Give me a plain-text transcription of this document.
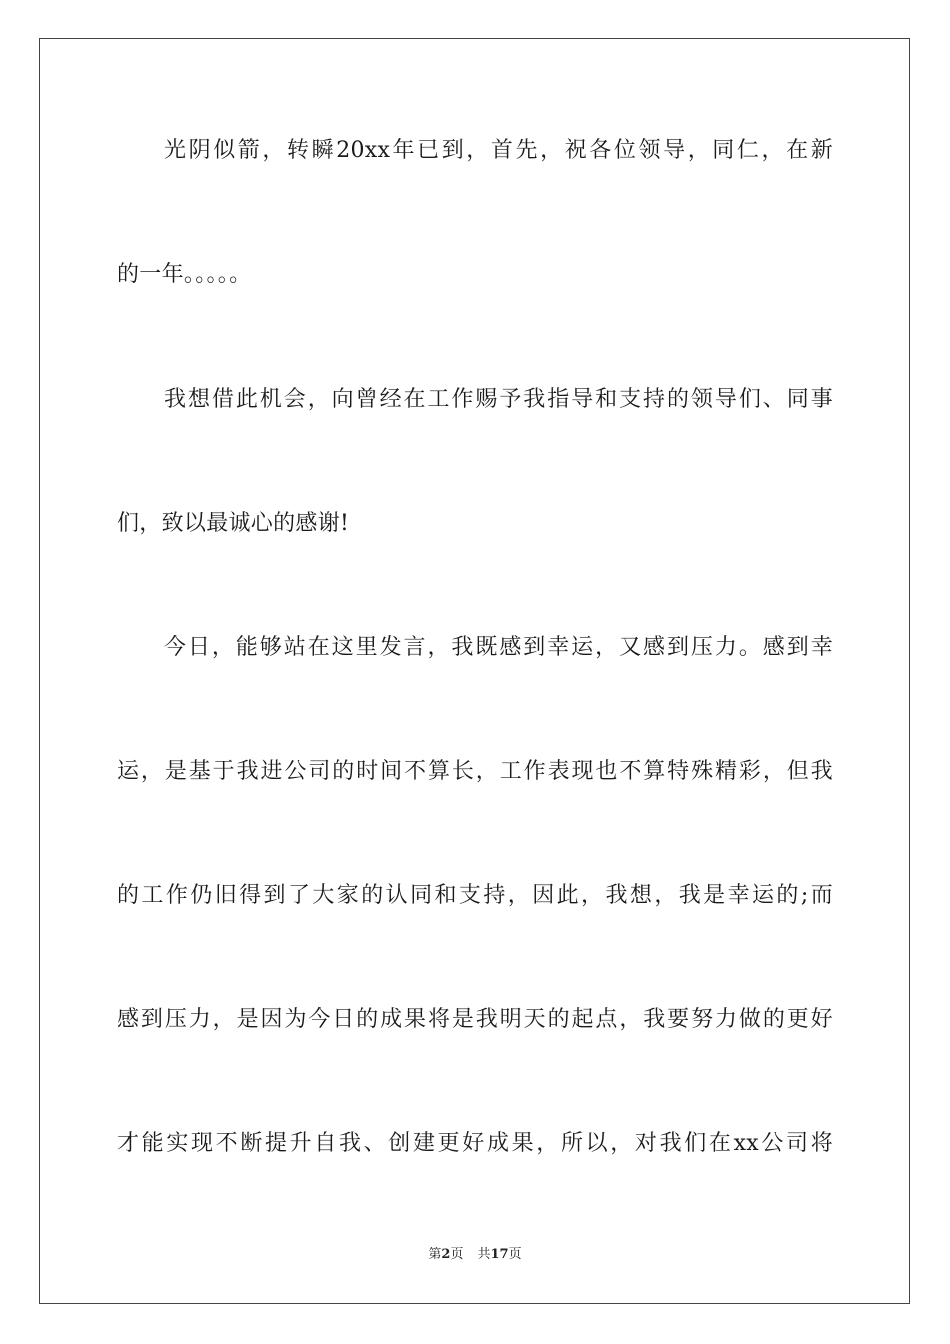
光阴似箭，转瞬20xx年已到，首先，祝各位领导，同仁，在新
的一年。。。。。
我想借此机会，向曾经在工作赐予我指导和支持的领导们、同事
们，致以最诚心的感谢!
今日，能够站在这里发言，我既感到幸运，又感到压力。感到幸
运，是基于我进公司的时间不算长，工作表现也不算特殊精彩，但我
的工作仍旧得到了大家的认同和支持，因此，我想，我是幸运的;而
感到压力，是因为今日的成果将是我明天的起点，我要努力做的更好
才能实现不断提升自我、创建更好成果，所以，对我们在xx公司将
第2页 共17页
